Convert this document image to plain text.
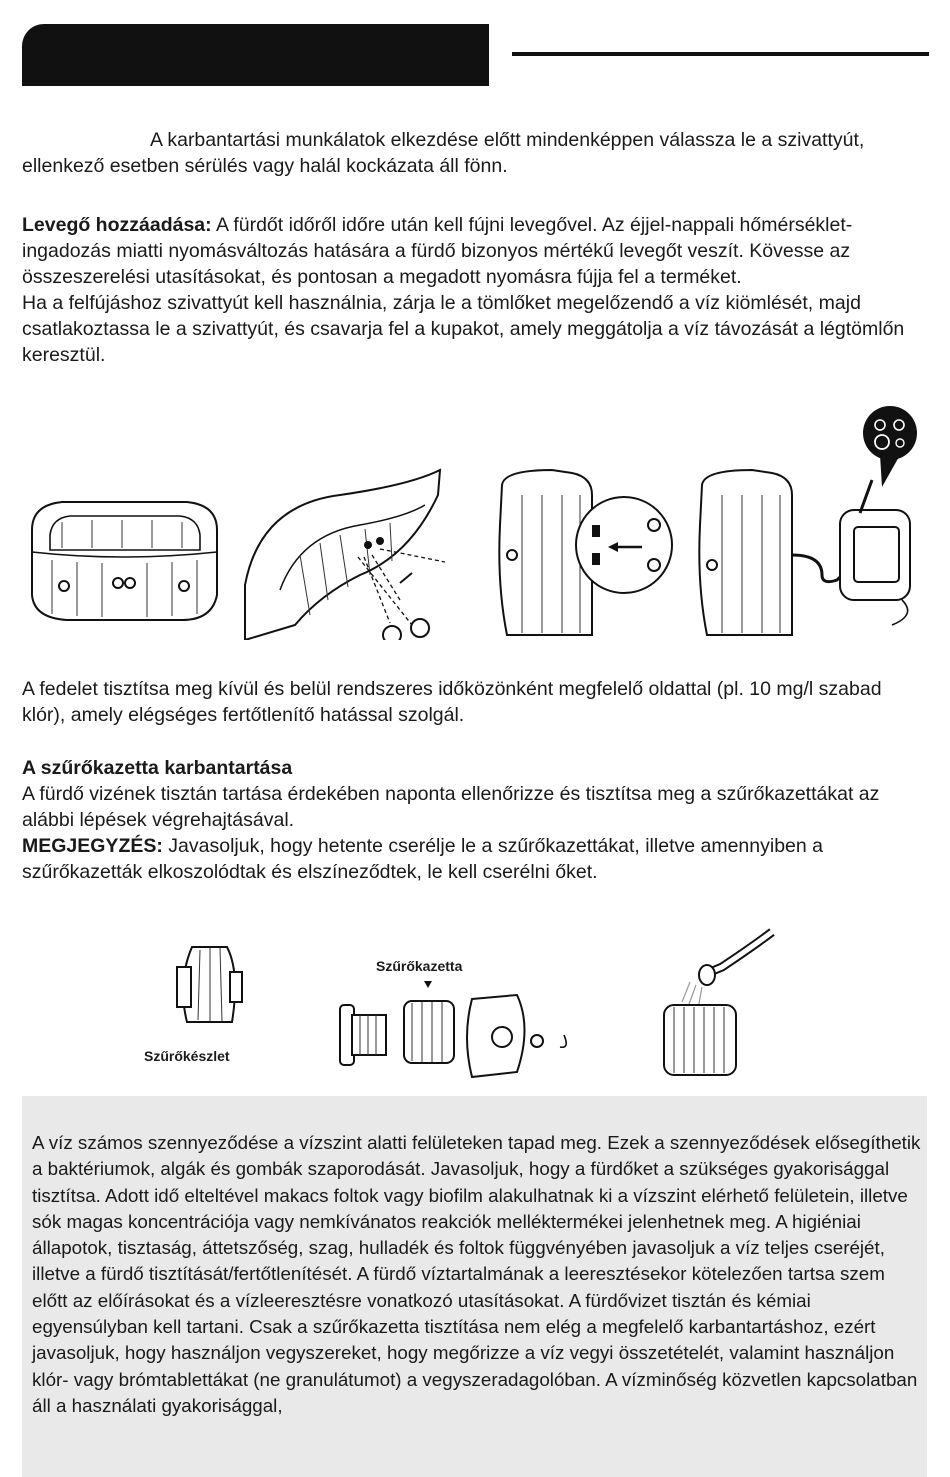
A karbantartási munkálatok elkezdése előtt mindenképpen válassza le a szivattyút, ellenkező esetben sérülés vagy halál kockázata áll fönn.

Levegő hozzáadása: A fürdőt időről időre után kell fújni levegővel. Az éjjel-nappali hőmérséklet-ingadozás miatti nyomásváltozás hatására a fürdő bizonyos mértékű levegőt veszít. Kövesse az összeszerelési utasításokat, és pontosan a megadott nyomásra fújja fel a terméket.
Ha a felfújáshoz szivattyút kell használnia, zárja le a tömlőket megelőzendő a víz kiömlését, majd csatlakoztassa le a szivattyút, és csavarja fel a kupakot, amely meggátolja a víz távozását a légtömlőn keresztül.

A fedelet tisztítsa meg kívül és belül rendszeres időközönként megfelelő oldattal (pl. 10 mg/l szabad klór), amely elégséges fertőtlenítő hatással szolgál.

A szűrőkazetta karbantartása
A fürdő vizének tisztán tartása érdekében naponta ellenőrizze és tisztítsa meg a szűrőkazettákat az alábbi lépések végrehajtásával.
MEGJEGYZÉS: Javasoljuk, hogy hetente cserélje le a szűrőkazettákat, illetve amennyiben a szűrőkazetták elkoszolódtak és elszíneződtek, le kell cserélni őket.
Szűrőkészlet
Szűrőkazetta
A víz számos szennyeződése a vízszint alatti felületeken tapad meg. Ezek a szennyeződések elősegíthetik a baktériumok, algák és gombák szaporodását. Javasoljuk, hogy a fürdőket a szükséges gyakorisággal tisztítsa. Adott idő elteltével makacs foltok vagy biofilm alakulhatnak ki a vízszint elérhető felületein, illetve sók magas koncentrációja vagy nemkívánatos reakciók melléktermékei jelenhetnek meg. A higiéniai állapotok, tisztaság, áttetszőség, szag, hulladék és foltok függvényében javasoljuk a víz teljes cseréjét, illetve a fürdő tisztítását/fertőtlenítését. A fürdő víztartalmának a leeresztésekor kötelezően tartsa szem előtt az előírásokat és a vízleeresztésre vonatkozó utasításokat. A fürdővizet tisztán és kémiai egyensúlyban kell tartani. Csak a szűrőkazetta tisztítása nem elég a megfelelő karbantartáshoz, ezért javasoljuk, hogy használjon vegyszereket, hogy megőrizze a víz vegyi összetételét, valamint használjon klór- vagy brómtablettákat (ne granulátumot) a vegyszeradagolóban. A vízminőség közvetlen kapcsolatban áll a használati gyakorisággal,
